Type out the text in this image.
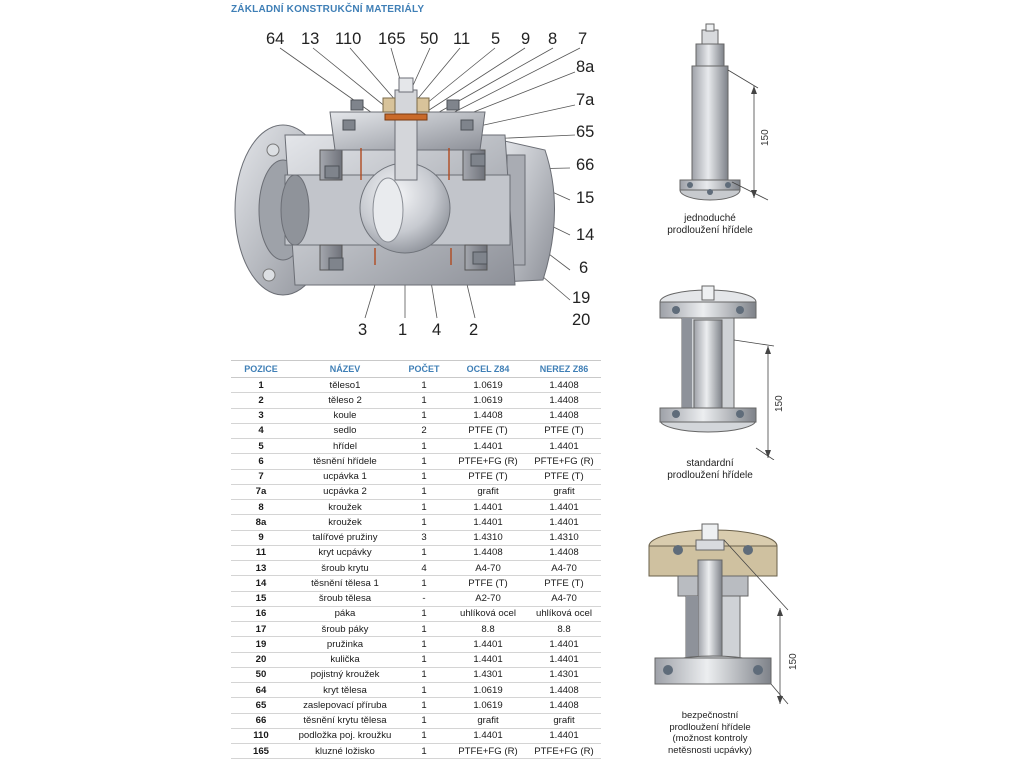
ZÁKLADNÍ KONSTRUKČNÍ MATERIÁLY
64 13 110 165 50 11 5 9 8 7
8a
7a
65
66
15
14
6
19
20
3 1 4 2
POZICE	NÁZEV	POČET	OCEL Z84	NEREZ Z86
1	těleso1	1	1.0619	1.4408
2	těleso 2	1	1.0619	1.4408
3	koule	1	1.4408	1.4408
4	sedlo	2	PTFE (T)	PTFE (T)
5	hřídel	1	1.4401	1.4401
6	těsnění hřídele	1	PTFE+FG (R)	PFTE+FG (R)
7	ucpávka 1	1	PTFE (T)	PTFE (T)
7a	ucpávka 2	1	grafit	grafit
8	kroužek	1	1.4401	1.4401
8a	kroužek	1	1.4401	1.4401
9	talířové pružiny	3	1.4310	1.4310
11	kryt ucpávky	1	1.4408	1.4408
13	šroub krytu	4	A4-70	A4-70
14	těsnění tělesa 1	1	PTFE (T)	PTFE (T)
15	šroub tělesa	-	A2-70	A4-70
16	páka	1	uhlíková ocel	uhlíková ocel
17	šroub páky	1	8.8	8.8
19	pružinka	1	1.4401	1.4401
20	kulička	1	1.4401	1.4401
50	pojistný kroužek	1	1.4301	1.4301
64	kryt tělesa	1	1.0619	1.4408
65	zaslepovací příruba	1	1.0619	1.4408
66	těsnění krytu tělesa	1	grafit	grafit
110	podložka poj. kroužku	1	1.4401	1.4401
165	kluzné ložisko	1	PTFE+FG (R)	PTFE+FG (R)
150
jednoduché
prodloužení hřídele
150
standardní
prodloužení hřídele
150
bezpečnostní
prodloužení hřídele
(možnost kontroly
netěsnosti ucpávky)
